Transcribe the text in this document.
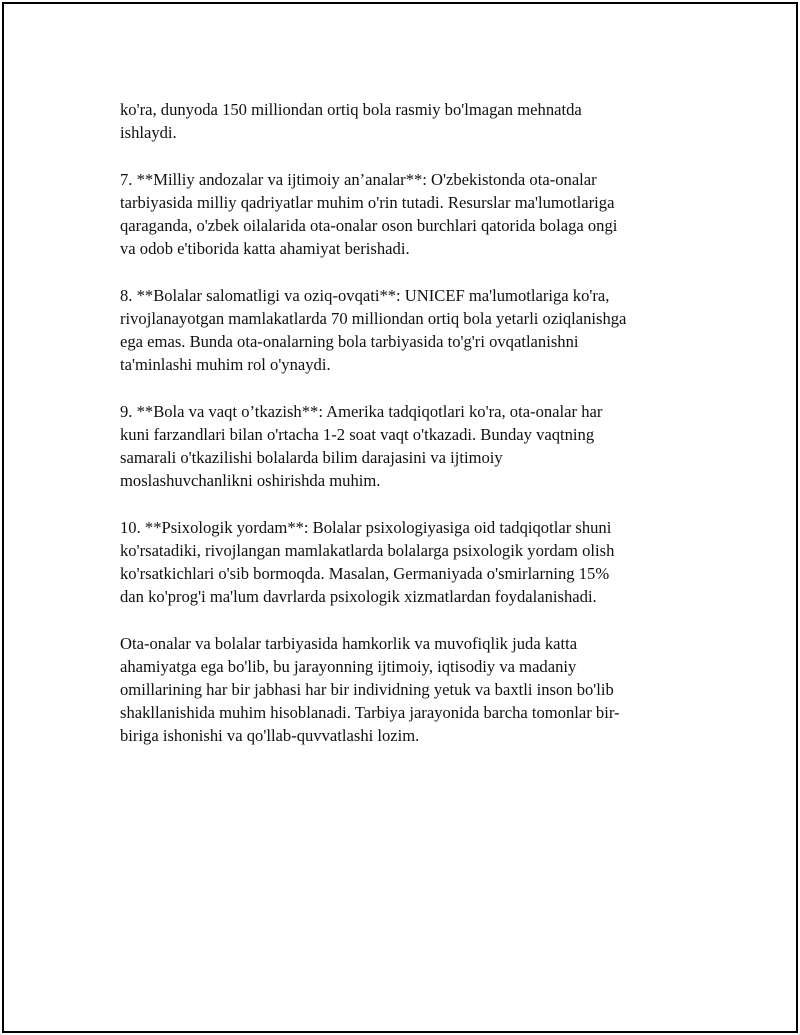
ko'ra, dunyoda 150 milliondan ortiq bola rasmiy bo'lmagan mehnatda
ishlaydi.

7. **Milliy andozalar va ijtimoiy an’analar**: O'zbekistonda ota-onalar
tarbiyasida milliy qadriyatlar muhim o'rin tutadi. Resurslar ma'lumotlariga
qaraganda, o'zbek oilalarida ota-onalar oson burchlari qatorida bolaga ongi
va odob e'tiborida katta ahamiyat berishadi.

8. **Bolalar salomatligi va oziq-ovqati**: UNICEF ma'lumotlariga ko'ra,
rivojlanayotgan mamlakatlarda 70 milliondan ortiq bola yetarli oziqlanishga
ega emas. Bunda ota-onalarning bola tarbiyasida to'g'ri ovqatlanishni
ta'minlashi muhim rol o'ynaydi.

9. **Bola va vaqt o’tkazish**: Amerika tadqiqotlari ko'ra, ota-onalar har
kuni farzandlari bilan o'rtacha 1-2 soat vaqt o'tkazadi. Bunday vaqtning
samarali o'tkazilishi bolalarda bilim darajasini va ijtimoiy
moslashuvchanlikni oshirishda muhim.

10. **Psixologik yordam**: Bolalar psixologiyasiga oid tadqiqotlar shuni
ko'rsatadiki, rivojlangan mamlakatlarda bolalarga psixologik yordam olish
ko'rsatkichlari o'sib bormoqda. Masalan, Germaniyada o'smirlarning 15%
dan ko'prog'i ma'lum davrlarda psixologik xizmatlardan foydalanishadi.

Ota-onalar va bolalar tarbiyasida hamkorlik va muvofiqlik juda katta
ahamiyatga ega bo'lib, bu jarayonning ijtimoiy, iqtisodiy va madaniy
omillarining har bir jabhasi har bir individning yetuk va baxtli inson bo'lib
shakllanishida muhim hisoblanadi. Tarbiya jarayonida barcha tomonlar bir-
biriga ishonishi va qo'llab-quvvatlashi lozim.
